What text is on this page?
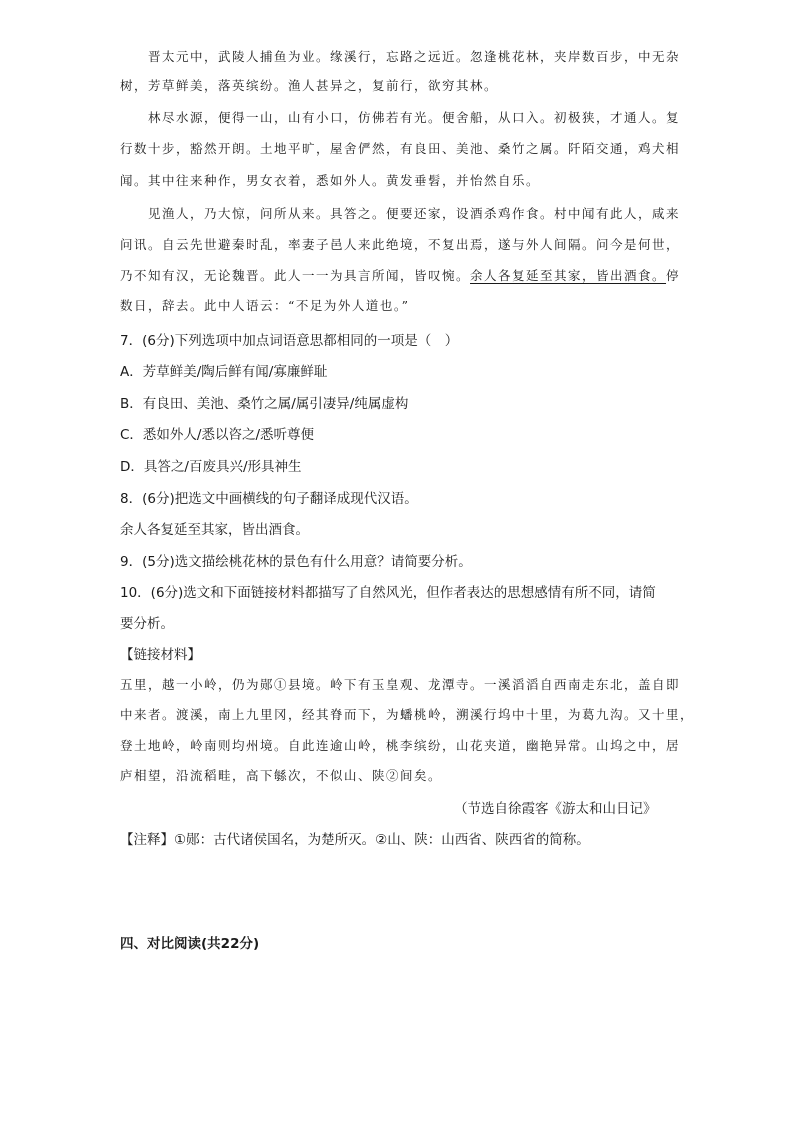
晋太元中，武陵人捕鱼为业。缘溪行，忘路之远近。忽逢桃花林，夹岸数百步，中无杂
树，芳草鲜美，落英缤纷。渔人甚异之，复前行，欲穷其林。
林尽水源，便得一山，山有小口，仿佛若有光。便舍船，从口入。初极狭，才通人。复
行数十步，豁然开朗。土地平旷，屋舍俨然，有良田、美池、桑竹之属。阡陌交通，鸡犬相
闻。其中往来种作，男女衣着，悉如外人。黄发垂髫，并怡然自乐。
见渔人，乃大惊，问所从来。具答之。便要还家，设酒杀鸡作食。村中闻有此人，咸来
问讯。自云先世避秦时乱，率妻子邑人来此绝境，不复出焉，遂与外人间隔。问今是何世，
乃不知有汉，无论魏晋。此人一一为具言所闻，皆叹惋。余人各复延至其家，皆出酒食。停
数日，辞去。此中人语云：“不足为外人道也。”
7．(6分)下列选项中加点词语意思都相同的一项是（　）
A．芳草鲜美/陶后鲜有闻/寡廉鲜耻
B．有良田、美池、桑竹之属/属引凄异/纯属虚构
C．悉如外人/悉以咨之/悉听尊便
D．具答之/百废具兴/形具神生
8．(6分)把选文中画横线的句子翻译成现代汉语。
余人各复延至其家，皆出酒食。
9．(5分)选文描绘桃花林的景色有什么用意？请简要分析。
10．(6分)选文和下面链接材料都描写了自然风光，但作者表达的思想感情有所不同，请简
要分析。
【链接材料】
五里，越一小岭，仍为郧①县境。岭下有玉皇观、龙潭寺。一溪滔滔自西南走东北，盖自即
中来者。渡溪，南上九里冈，经其脊而下，为蟠桃岭，溯溪行坞中十里，为葛九沟。又十里，
登土地岭，岭南则均州境。自此连逾山岭，桃李缤纷，山花夹道，幽艳异常。山坞之中，居
庐相望，沿流稻畦，高下緐次，不似山、陕②间矣。
（节选自徐霞客《游太和山日记》
【注释】①郧：古代诸侯国名，为楚所灭。②山、陕：山西省、陕西省的简称。
四、对比阅读(共22分)
